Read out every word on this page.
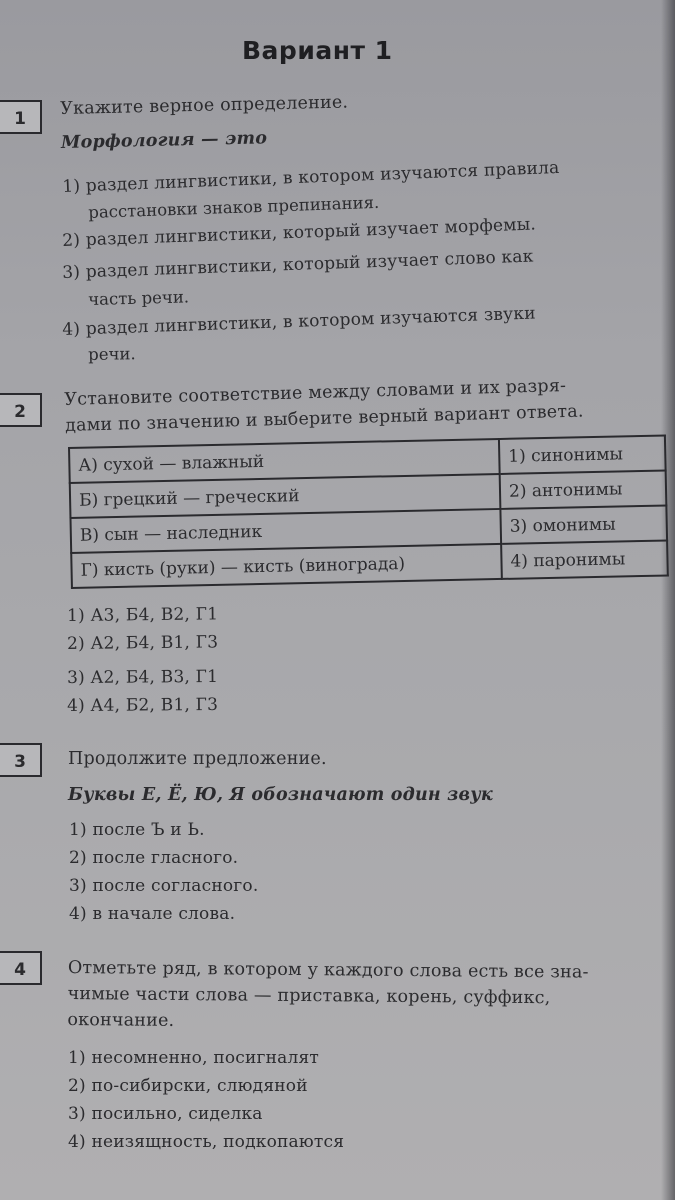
Вариант 1
1
Укажите верное определение.
Морфология — это
1) раздел лингвистики, в котором изучаются правила
расстановки знаков препинания.
2) раздел лингвистики, который изучает морфемы.
3) раздел лингвистики, который изучает слово как
часть речи.
4) раздел лингвистики, в котором изучаются звуки
речи.
2
Установите соответствие между словами и их разря-
дами по значению и выберите верный вариант ответа.
А) сухой — влажный	1) синонимы
Б) грецкий — греческий	2) антонимы
В) сын — наследник	3) омонимы
Г) кисть (руки) — кисть (винограда)	4) паронимы
1) А3, Б4, В2, Г1
2) А2, Б4, В1, Г3
3) А2, Б4, В3, Г1
4) А4, Б2, В1, Г3
3	Продолжите предложение.
Буквы Е, Ё, Ю, Я обозначают один звук
1) после Ъ и Ь.
2) после гласного.
3) после согласного.
4) в начале слова.
4	Отметьте ряд, в котором у каждого слова есть все зна-
чимые части слова — приставка, корень, суффикс,
окончание.
1) несомненно, посигналят
2) по-сибирски, слюдяной
3) посильно, сиделка
4) неизящность, подкопаются
